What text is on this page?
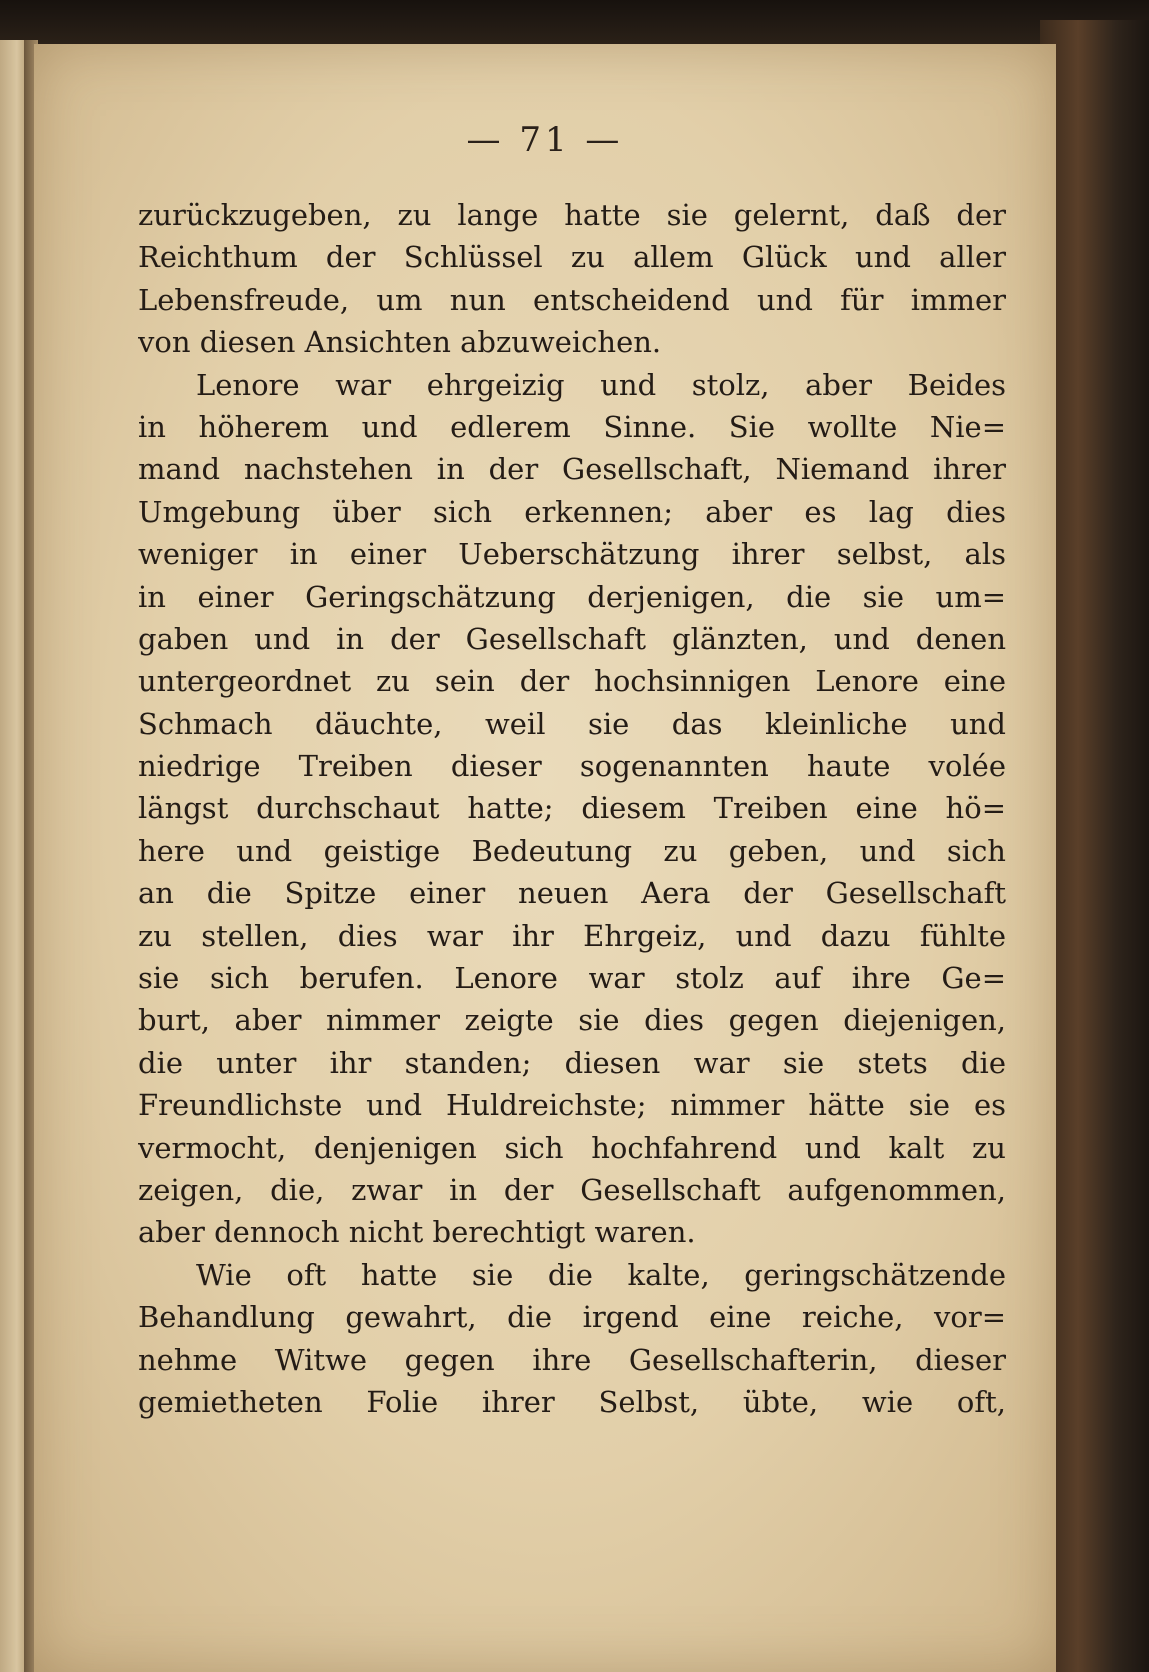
— 71 —
zurückzugeben, zu lange hatte sie gelernt, daß der
Reichthum der Schlüssel zu allem Glück und aller
Lebensfreude, um nun entscheidend und für immer
von diesen Ansichten abzuweichen.
Lenore war ehrgeizig und stolz, aber Beides
in höherem und edlerem Sinne. Sie wollte Nie=
mand nachstehen in der Gesellschaft, Niemand ihrer
Umgebung über sich erkennen; aber es lag dies
weniger in einer Ueberschätzung ihrer selbst, als
in einer Geringschätzung derjenigen, die sie um=
gaben und in der Gesellschaft glänzten, und denen
untergeordnet zu sein der hochsinnigen Lenore eine
Schmach däuchte, weil sie das kleinliche und
niedrige Treiben dieser sogenannten haute volée
längst durchschaut hatte; diesem Treiben eine hö=
here und geistige Bedeutung zu geben, und sich
an die Spitze einer neuen Aera der Gesellschaft
zu stellen, dies war ihr Ehrgeiz, und dazu fühlte
sie sich berufen. Lenore war stolz auf ihre Ge=
burt, aber nimmer zeigte sie dies gegen diejenigen,
die unter ihr standen; diesen war sie stets die
Freundlichste und Huldreichste; nimmer hätte sie es
vermocht, denjenigen sich hochfahrend und kalt zu
zeigen, die, zwar in der Gesellschaft aufgenommen,
aber dennoch nicht berechtigt waren.
Wie oft hatte sie die kalte, geringschätzende
Behandlung gewahrt, die irgend eine reiche, vor=
nehme Witwe gegen ihre Gesellschafterin, dieser
gemietheten Folie ihrer Selbst, übte, wie oft,
